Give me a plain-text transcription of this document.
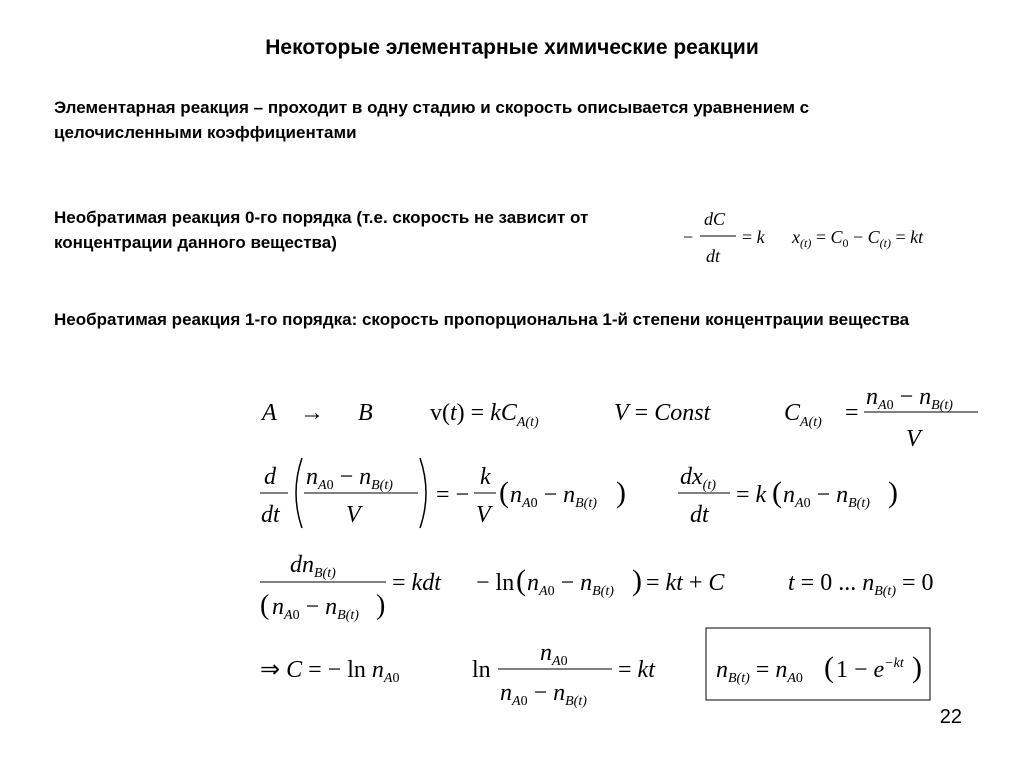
Некоторые элементарные химические реакции
Элементарная реакция – проходит в одну стадию и скорость описывается уравнением с целочисленными коэффициентами
Необратимая реакция 0-го порядка (т.е. скорость не зависит от концентрации данного вещества)
Необратимая реакция 1-го порядка: скорость пропорциональна 1-й степени концентрации вещества
−
dC
dt
= k $x_{(t)} = C_0 - C_{(t)}$ = kt
A → B $v(t) = kC_{A(t)}$	V = Const	$C_{A(t)}$ =
$n_A0 - n_{B(t)}$
V
d
dt
$n_A0 - n_{B(t)}$
V
= −
k
V
( $n_A0 - n_{B(t)}$ ) $dx_{(t)}$
dt
= k ( $n_A0 - n_{B(t)}$ )
$dn_{B(t)}$
( $n_A0 - n_{B(t)}$ )
= kdt − ln ( $n_A0 - n_{B(t)}$ ) = kt + C	t = 0 ... $n_{B(t)} = 0$
⇒ C = − $\ln n_A0$	ln
$n_A0$
$n_A0 - n_{B(t)}$
= kt	$n_{B(t)} = n_A0$ ( $1 - e^{-kt}$ )
22
